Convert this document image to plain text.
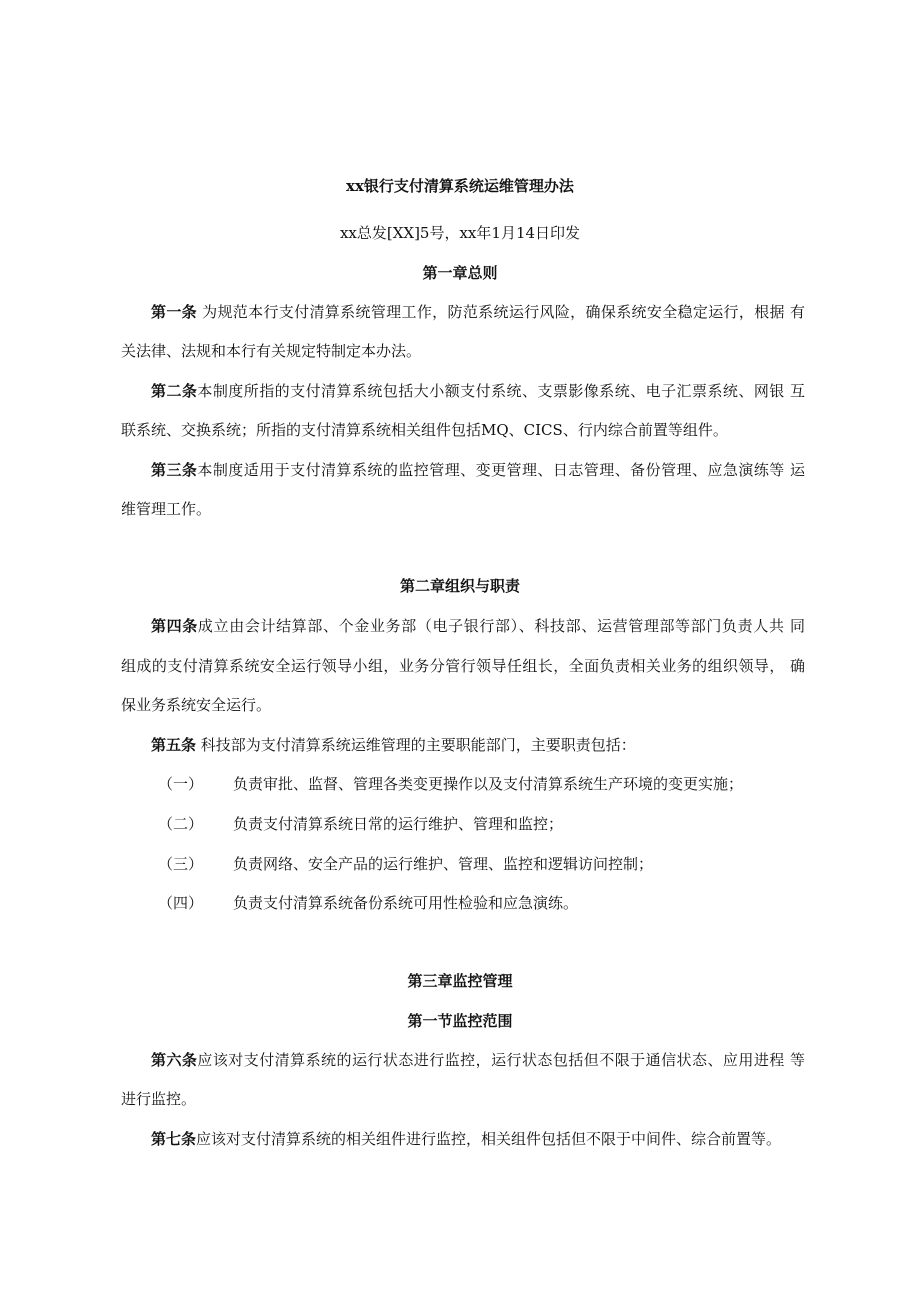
xx银行支付清算系统运维管理办法
xx总发[XX]5号，xx年1月14日印发
第一章总则
第一条 为规范本行支付清算系统管理工作，防范系统运行风险，确保系统安全稳定运行，根据 有
关法律、法规和本行有关规定特制定本办法。
第二条本制度所指的支付清算系统包括大小额支付系统、支票影像系统、电子汇票系统、网银 互
联系统、交换系统；所指的支付清算系统相关组件包括MQ、CICS、行内综合前置等组件。
第三条本制度适用于支付清算系统的监控管理、变更管理、日志管理、备份管理、应急演练等 运
维管理工作。
第二章组织与职责
第四条成立由会计结算部、个金业务部（电子银行部）、科技部、运营管理部等部门负责人共 同
组成的支付清算系统安全运行领导小组，业务分管行领导任组长，全面负责相关业务的组织领导， 确
保业务系统安全运行。
第五条 科技部为支付清算系统运维管理的主要职能部门，主要职责包括：
（一） 负责审批、监督、管理各类变更操作以及支付清算系统生产环境的变更实施；
（二） 负责支付清算系统日常的运行维护、管理和监控；
（三） 负责网络、安全产品的运行维护、管理、监控和逻辑访问控制；
（四） 负责支付清算系统备份系统可用性检验和应急演练。
第三章监控管理
第一节监控范围
第六条应该对支付清算系统的运行状态进行监控，运行状态包括但不限于通信状态、应用进程 等
进行监控。
第七条应该对支付清算系统的相关组件进行监控，相关组件包括但不限于中间件、综合前置等。
